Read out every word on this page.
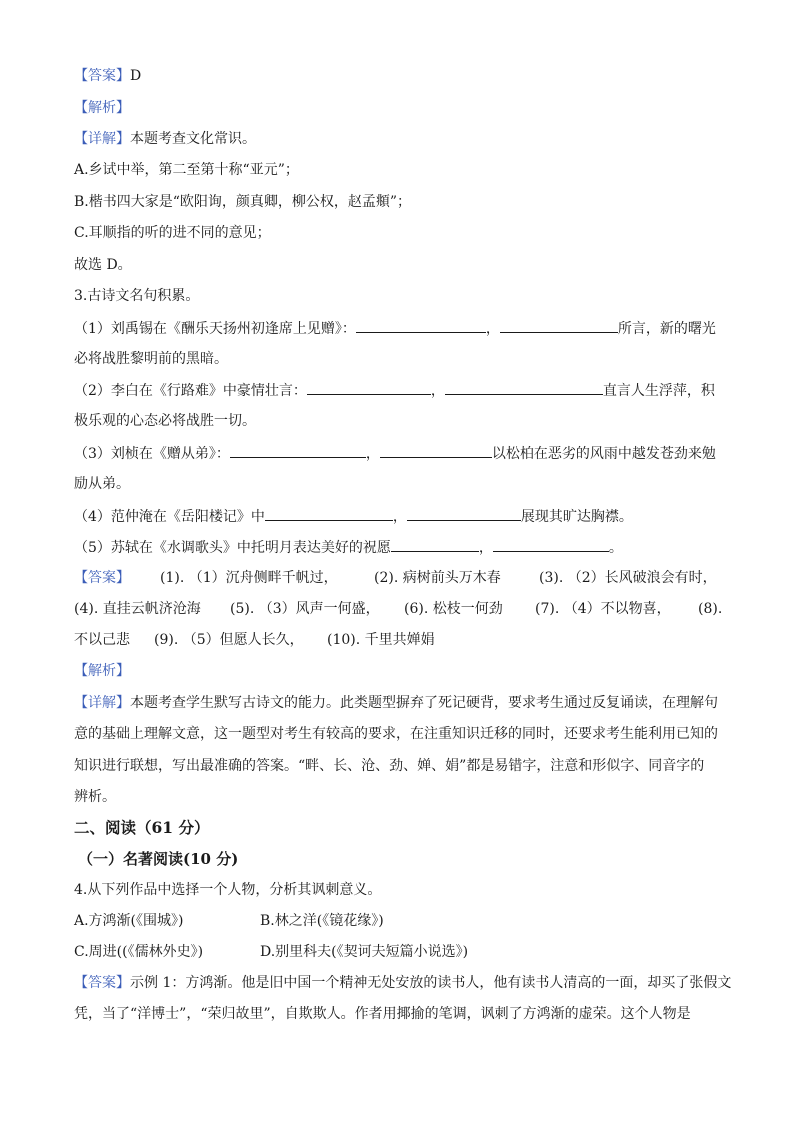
【答案】D
【解析】
【详解】本题考查文化常识。
A.乡试中举，第二至第十称“亚元”；
B.楷书四大家是“欧阳询，颜真卿，柳公权，赵孟頫”；
C.耳顺指的听的进不同的意见；
故选 D。
3.古诗文名句积累。
（1）刘禹锡在《酬乐天扬州初逢席上见赠》：	，	所言，新的曙光
必将战胜黎明前的黑暗。
（2）李白在《行路难》中豪情壮言：	，	直言人生浮萍，积
极乐观的心态必将战胜一切。
（3）刘桢在《赠从弟》：	，	以松柏在恶劣的风雨中越发苍劲来勉
励从弟。
（4）范仲淹在《岳阳楼记》中	，	展现其旷达胸襟。
（5）苏轼在《水调歌头》中托明月表达美好的祝愿	，	。
【答案】 (1). （1）沉舟侧畔千帆过，	(2). 病树前头万木春	(3). （2）长风破浪会有时，
(4). 直挂云帆济沧海 (5). （3）风声一何盛， (6). 松枝一何劲 (7). （4）不以物喜， (8).
不以己悲 (9). （5）但愿人长久， (10). 千里共婵娟
【解析】
【详解】本题考查学生默写古诗文的能力。此类题型摒弃了死记硬背，要求考生通过反复诵读，在理解句
意的基础上理解文意，这一题型对考生有较高的要求，在注重知识迁移的同时，还要求考生能利用已知的
知识进行联想，写出最准确的答案。“畔、长、沧、劲、婵、娟”都是易错字，注意和形似字、同音字的
辨析。
二、阅读（61 分）
（一）名著阅读(10 分)
4.从下列作品中选择一个人物，分析其讽刺意义。
A.方鸿渐(《围城》)	B.林之洋(《镜花缘》)
C.周进((《儒林外史》)	D.别里科夫(《契诃夫短篇小说选》)
【答案】示例 1：方鸿渐。他是旧中国一个精神无处安放的读书人，他有读书人清高的一面，却买了张假文
凭，当了“洋博士”，“荣归故里”，自欺欺人。作者用揶揄的笔调，讽刺了方鸿渐的虚荣。这个人物是
